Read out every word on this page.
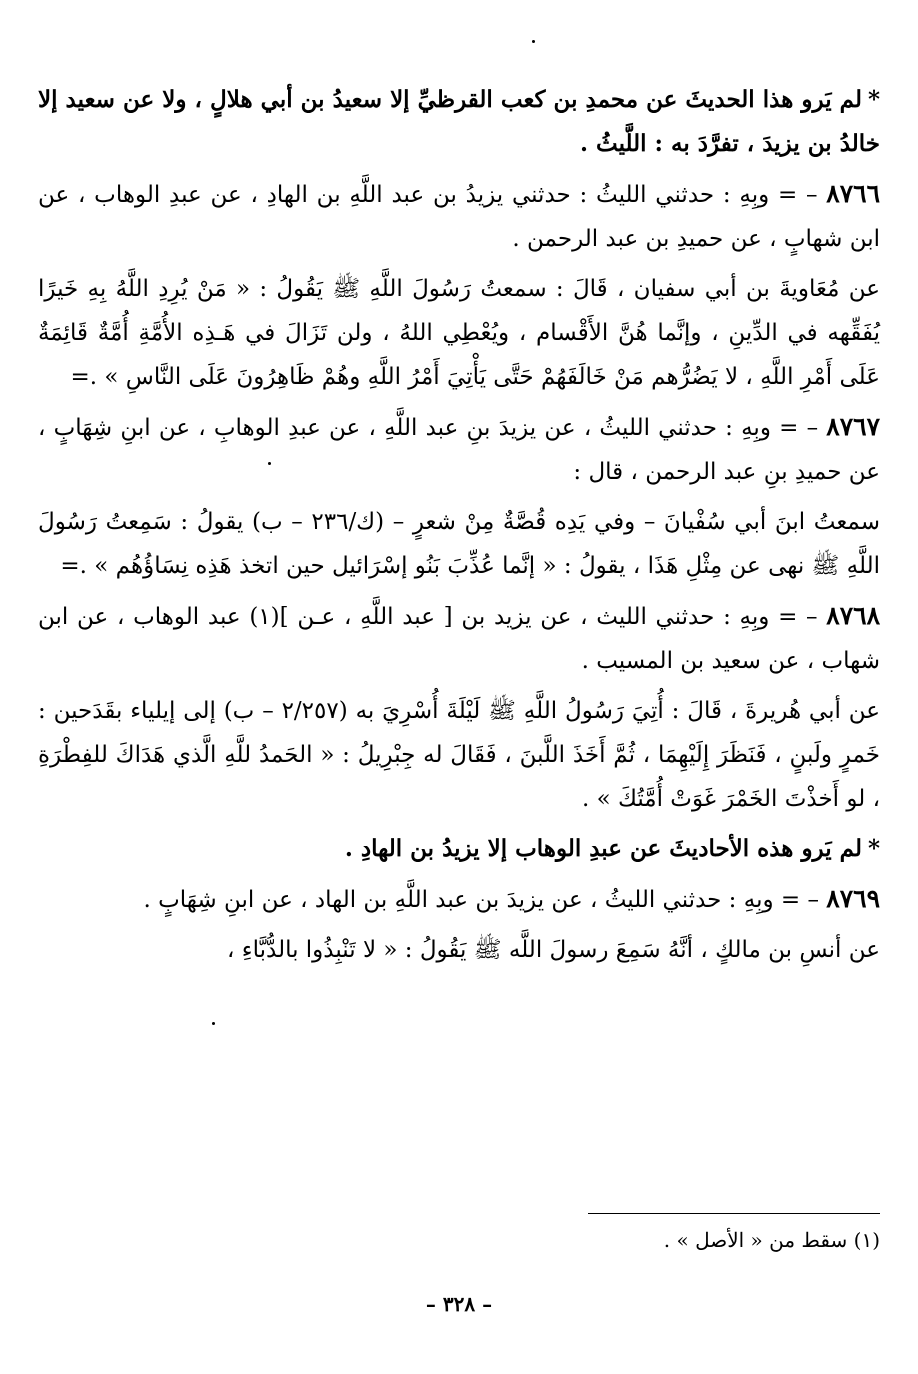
*لم يَرو هذا الحديثَ عن محمدِ بن كعب القرظيِّ إلا سعيدُ بن أبي هلالٍ ، ولا عن سعيد إلا خالدُ بن يزيدَ ، تفرَّدَ به : اللَّيثُ .

٨٧٦٦ – = وبِهِ : حدثني الليثُ : حدثني يزيدُ بن عبد اللَّهِ بن الهادِ ، عن عبدِ الوهاب ، عن ابن شهابٍ ، عن حميدِ بن عبد الرحمن .

عن مُعَاويةَ بن أبي سفيان ، قَالَ : سمعتُ رَسُولَ اللَّهِ ﷺ يَقُولُ : « مَنْ يُرِدِ اللَّهُ بِهِ خَيرًا يُفَقِّهه في الدِّينِ ، وإنَّما هُنَّ الأَقْسام ، ويُعْطِي اللهُ ، ولن تَزَالَ في هَـذِه الأُمَّةِ أُمَّةٌ قَائِمَةٌ عَلَى أَمْرِ اللَّهِ ، لا يَضُرُّهم مَنْ خَالَفَهُمْ حَتَّى يَأْتِيَ أَمْرُ اللَّهِ وهُمْ ظَاهِرُونَ عَلَى النَّاسِ » .=

٨٧٦٧ – = وبِهِ : حدثني الليثُ ، عن يزيدَ بنِ عبد اللَّهِ ، عن عبدِ الوهابِ ، عن ابنِ شِهَابٍ ، عن حميدِ بنِ عبد الرحمن ، قال :

سمعتُ ابنَ أبي سُفْيانَ – وفي يَدِه قُصَّةٌ مِنْ شعرٍ – (ك/٢٣٦ – ب) يقولُ : سَمِعتُ رَسُولَ اللَّهِ ﷺ نهى عن مِثْلِ هَذَا ، يقولُ : « إنَّما عُذِّبَ بَنُو إسْرَائيل حين اتخذ هَذِه نِسَاؤُهُم » .=

٨٧٦٨ – = وبِهِ : حدثني الليث ، عن يزيد بن [ عبد اللَّهِ ، عـن ](١) عبد الوهاب ، عن ابن شهاب ، عن سعيد بن المسيب .

عن أبي هُريرةَ ، قَالَ : أُتِيَ رَسُولُ اللَّهِ ﷺ لَيْلَةَ أُسْرِيَ به (٢/٢٥٧ – ب) إلى إيلياء بقَدَحين : خَمرٍ ولَبنٍ ، فَنَظَرَ إِلَيْهِمَا ، ثُمَّ أَخَذَ اللَّبنَ ، فَقَالَ له جِبْرِيلُ : « الحَمدُ للَّهِ الَّذي هَدَاكَ للفِطْرَةِ ، لو أَخذْتَ الخَمْرَ غَوَتْ أُمَّتُكَ » .

*لم يَرو هذه الأحاديثَ عن عبدِ الوهاب إلا يزيدُ بن الهادِ .

٨٧٦٩ – = وبِهِ : حدثني الليثُ ، عن يزيدَ بن عبد اللَّهِ بن الهاد ، عن ابنِ شِهَابٍ .

عن أنسِ بن مالكٍ ، أنَّهُ سَمِعَ رسولَ اللَّه ﷺ يَقُولُ : « لا تَنْبِذُوا بالدُّبَّاءِ ،

(١) سقط من « الأصل » .
– ٣٢٨ –
